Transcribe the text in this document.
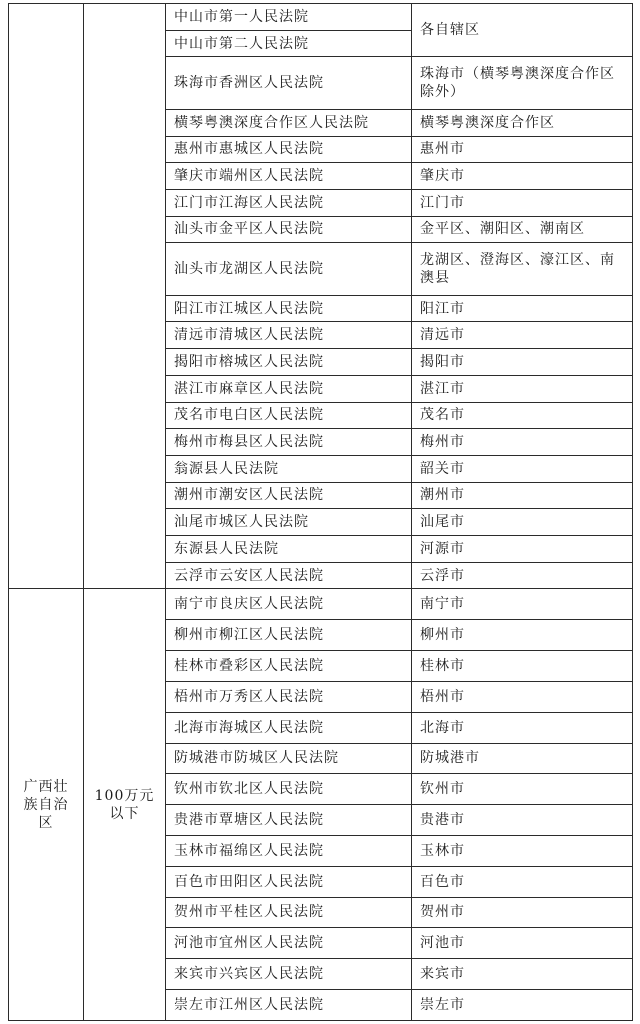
		中山市第一人民法院	各自辖区
		中山市第二人民法院	
		珠海市香洲区人民法院	珠海市（横琴粤澳深度合作区除外）
		横琴粤澳深度合作区人民法院	横琴粤澳深度合作区
		惠州市惠城区人民法院	惠州市
		肇庆市端州区人民法院	肇庆市
		江门市江海区人民法院	江门市
		汕头市金平区人民法院	金平区、潮阳区、潮南区
		汕头市龙湖区人民法院	龙湖区、澄海区、濠江区、南澳县
		阳江市江城区人民法院	阳江市
		清远市清城区人民法院	清远市
		揭阳市榕城区人民法院	揭阳市
		湛江市麻章区人民法院	湛江市
		茂名市电白区人民法院	茂名市
		梅州市梅县区人民法院	梅州市
		翁源县人民法院	韶关市
		潮州市潮安区人民法院	潮州市
		汕尾市城区人民法院	汕尾市
		东源县人民法院	河源市
		云浮市云安区人民法院	云浮市
广西壮族自治区	100万元以下	南宁市良庆区人民法院	南宁市
		柳州市柳江区人民法院	柳州市
		桂林市叠彩区人民法院	桂林市
		梧州市万秀区人民法院	梧州市
		北海市海城区人民法院	北海市
		防城港市防城区人民法院	防城港市
		钦州市钦北区人民法院	钦州市
		贵港市覃塘区人民法院	贵港市
		玉林市福绵区人民法院	玉林市
		百色市田阳区人民法院	百色市
		贺州市平桂区人民法院	贺州市
		河池市宜州区人民法院	河池市
		来宾市兴宾区人民法院	来宾市
		崇左市江州区人民法院	崇左市
